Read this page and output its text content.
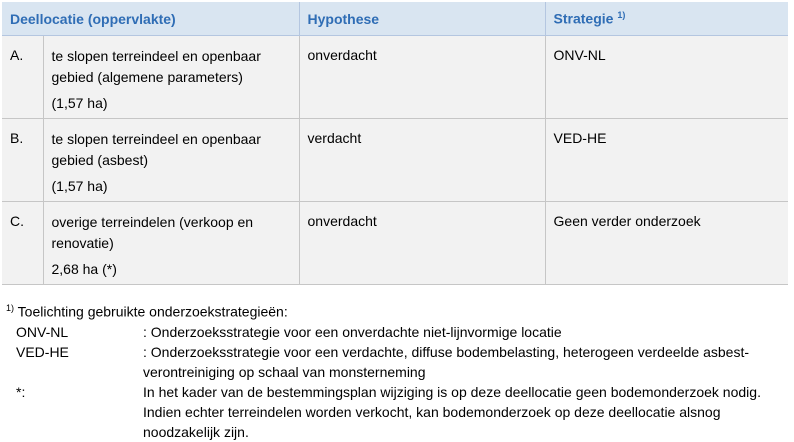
Deellocatie (oppervlakte)		Hypothese	Strategie $^{1)}$

A.	te slopen terreindeel en openbaar
gebied (algemene parameters)
(1,57 ha)	onverdacht	ONV-NL

B.	te slopen terreindeel en openbaar
gebied (asbest)
(1,57 ha)	verdacht	VED-HE

C.	overige terreindelen (verkoop en
renovatie)
2,68 ha (*)	onverdacht	Geen verder onderzoek
$^{1)}$ Toelichting gebruikte onderzoekstrategieën:
ONV-NL	: Onderzoeksstrategie voor een onverdachte niet-lijnvormige locatie
VED-HE	: Onderzoeksstrategie voor een verdachte, diffuse bodembelasting, heterogeen verdeelde asbest-
verontreiniging op schaal van monsterneming
*:	In het kader van de bestemmingsplan wijziging is op deze deellocatie geen bodemonderzoek nodig.
Indien echter terreindelen worden verkocht, kan bodemonderzoek op deze deellocatie alsnog
noodzakelijk zijn.
